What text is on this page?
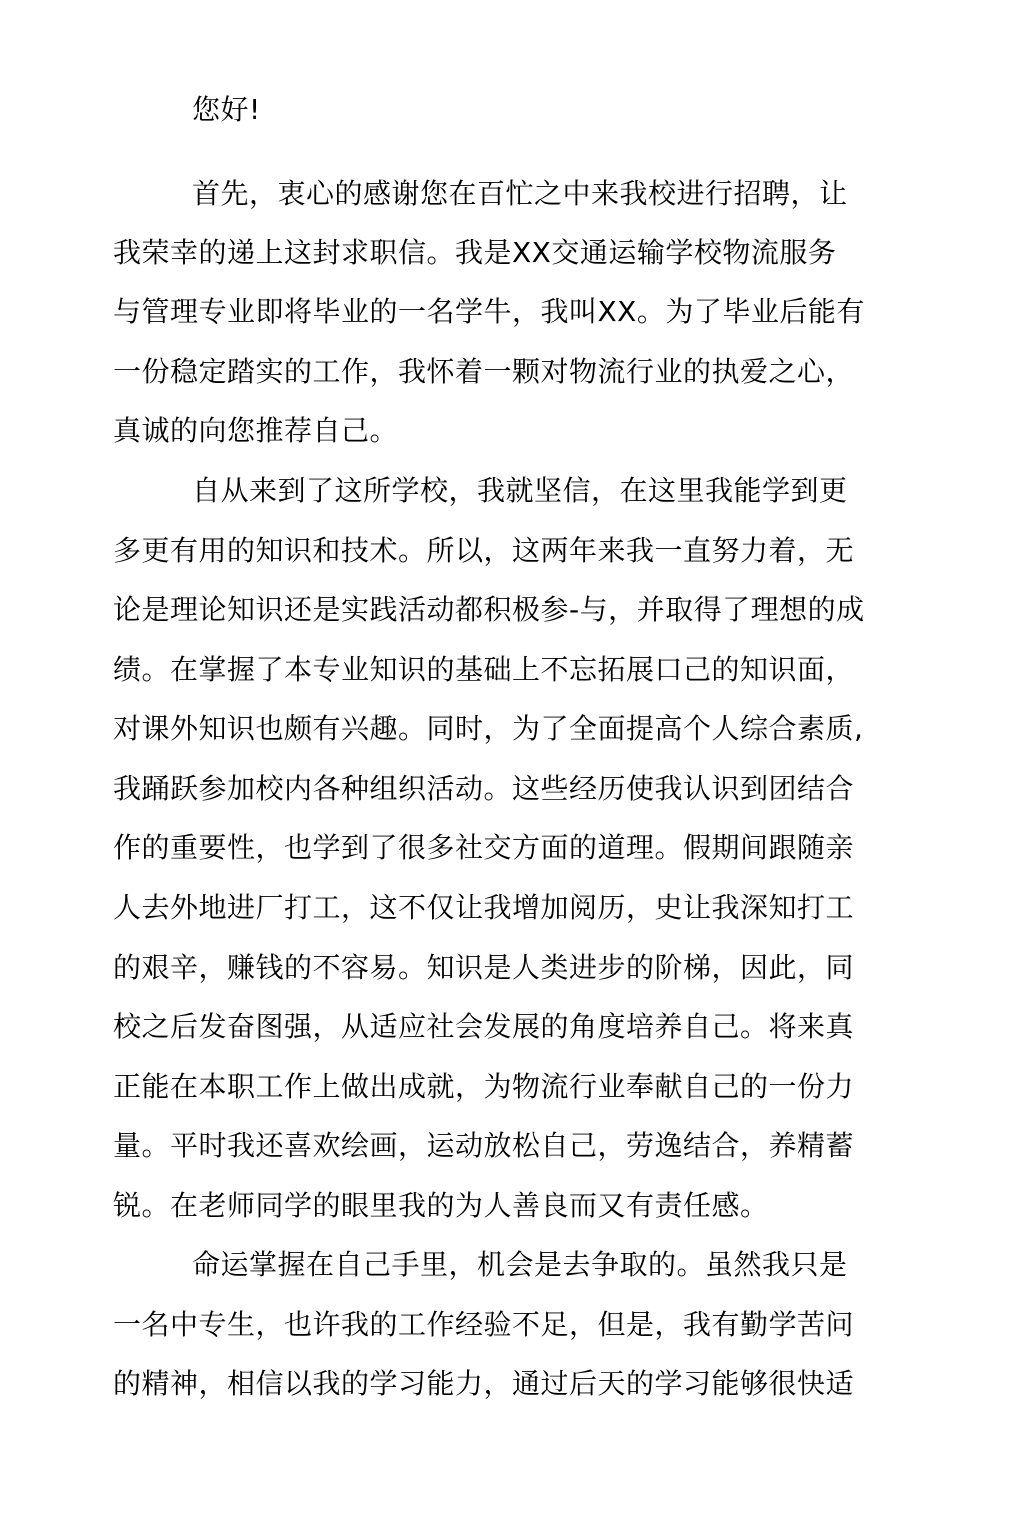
您好!
首先，衷心的感谢您在百忙之中来我校进行招聘，让
我荣幸的递上这封求职信。我是XX交通运输学校物流服务
与管理专业即将毕业的一名学牛，我叫XX。为了毕业后能有
一份稳定踏实的工作，我怀着一颗对物流行业的执爱之心，
真诚的向您推荐自己。
自从来到了这所学校，我就坚信，在这里我能学到更
多更有用的知识和技术。所以，这两年来我一直努力着，无
论是理论知识还是实践活动都积极参-与，并取得了理想的成
绩。在掌握了本专业知识的基础上不忘拓展口己的知识面，
对课外知识也颇有兴趣。同时，为了全面提高个人综合素质,
我踊跃参加校内各种组织活动。这些经历使我认识到团结合
作的重要性，也学到了很多社交方面的道理。假期间跟随亲
人去外地进厂打工，这不仅让我增加阅历，史让我深知打工
的艰辛，赚钱的不容易。知识是人类进步的阶梯，因此，同
校之后发奋图强，从适应社会发展的角度培养自己。将来真
正能在本职工作上做出成就，为物流行业奉献自己的一份力
量。平时我还喜欢绘画，运动放松自己，劳逸结合，养精蓄
锐。在老师同学的眼里我的为人善良而又有责任感。
命运掌握在自己手里，机会是去争取的。虽然我只是
一名中专生，也许我的工作经验不足，但是，我有勤学苦问
的精神，相信以我的学习能力，通过后天的学习能够很快适
